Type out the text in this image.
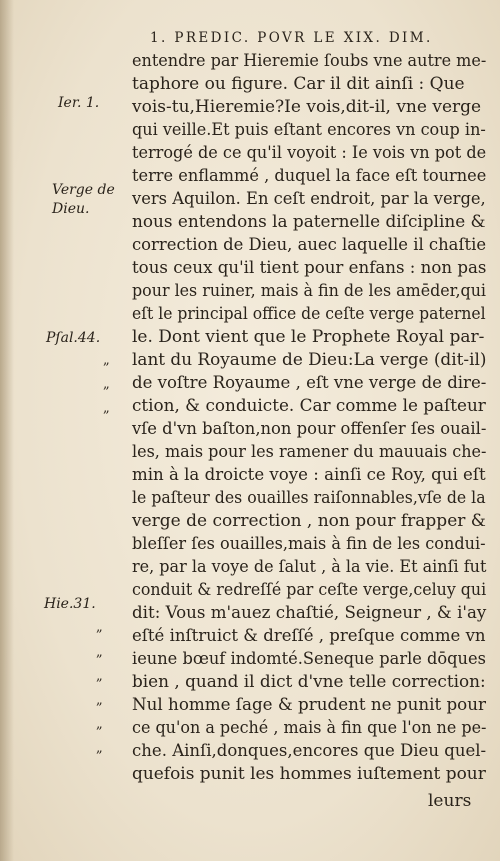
1. PREDIC. POVR LE XIX. DIM.
Ier. 1.
Verge de
Dieu.
Pſal.44.
Hie.31.
„
„
„
„
„
„
„
„
„
entendre par Hieremie ſoubs vne autre me-
taphore ou figure. Car il dit ainſi : Que
vois-tu,Hieremie?Ie vois,dit-il, vne verge
qui veille.Et puis eſtant encores vn coup in-
terrogé de ce qu'il voyoit : Ie vois vn pot de
terre enflammé , duquel la face eſt tournee
vers Aquilon. En ceſt endroit, par la verge,
nous entendons la paternelle diſcipline &
correction de Dieu, auec laquelle il chaſtie
tous ceux qu'il tient pour enfans : non pas
pour les ruiner, mais à fin de les amēder,qui
eſt le principal office de ceſte verge paternel
le. Dont vient que le Prophete Royal par-
lant du Royaume de Dieu:La verge (dit-il)
de voſtre Royaume , eſt vne verge de dire-
ction, & conduicte. Car comme le paſteur
vſe d'vn baſton,non pour offenſer ſes ouail-
les, mais pour les ramener du mauuais che-
min à la droicte voye : ainſi ce Roy, qui eſt
le paſteur des ouailles raiſonnables,vſe de la
verge de correction , non pour frapper &
bleſſer ſes ouailles,mais à fin de les condui-
re, par la voye de ſalut , à la vie. Et ainſi fut
conduit & redreſſé par ceſte verge,celuy qui
dit: Vous m'auez chaſtié, Seigneur , & i'ay
eſté inſtruict & dreſſé , preſque comme vn
ieune bœuf indomté.Seneque parle dōques
bien , quand il dict d'vne telle correction:
Nul homme ſage & prudent ne punit pour
ce qu'on a peché , mais à fin que l'on ne pe-
che. Ainſi,donques,encores que Dieu quel-
quefois punit les hommes iuſtement pour
leurs
